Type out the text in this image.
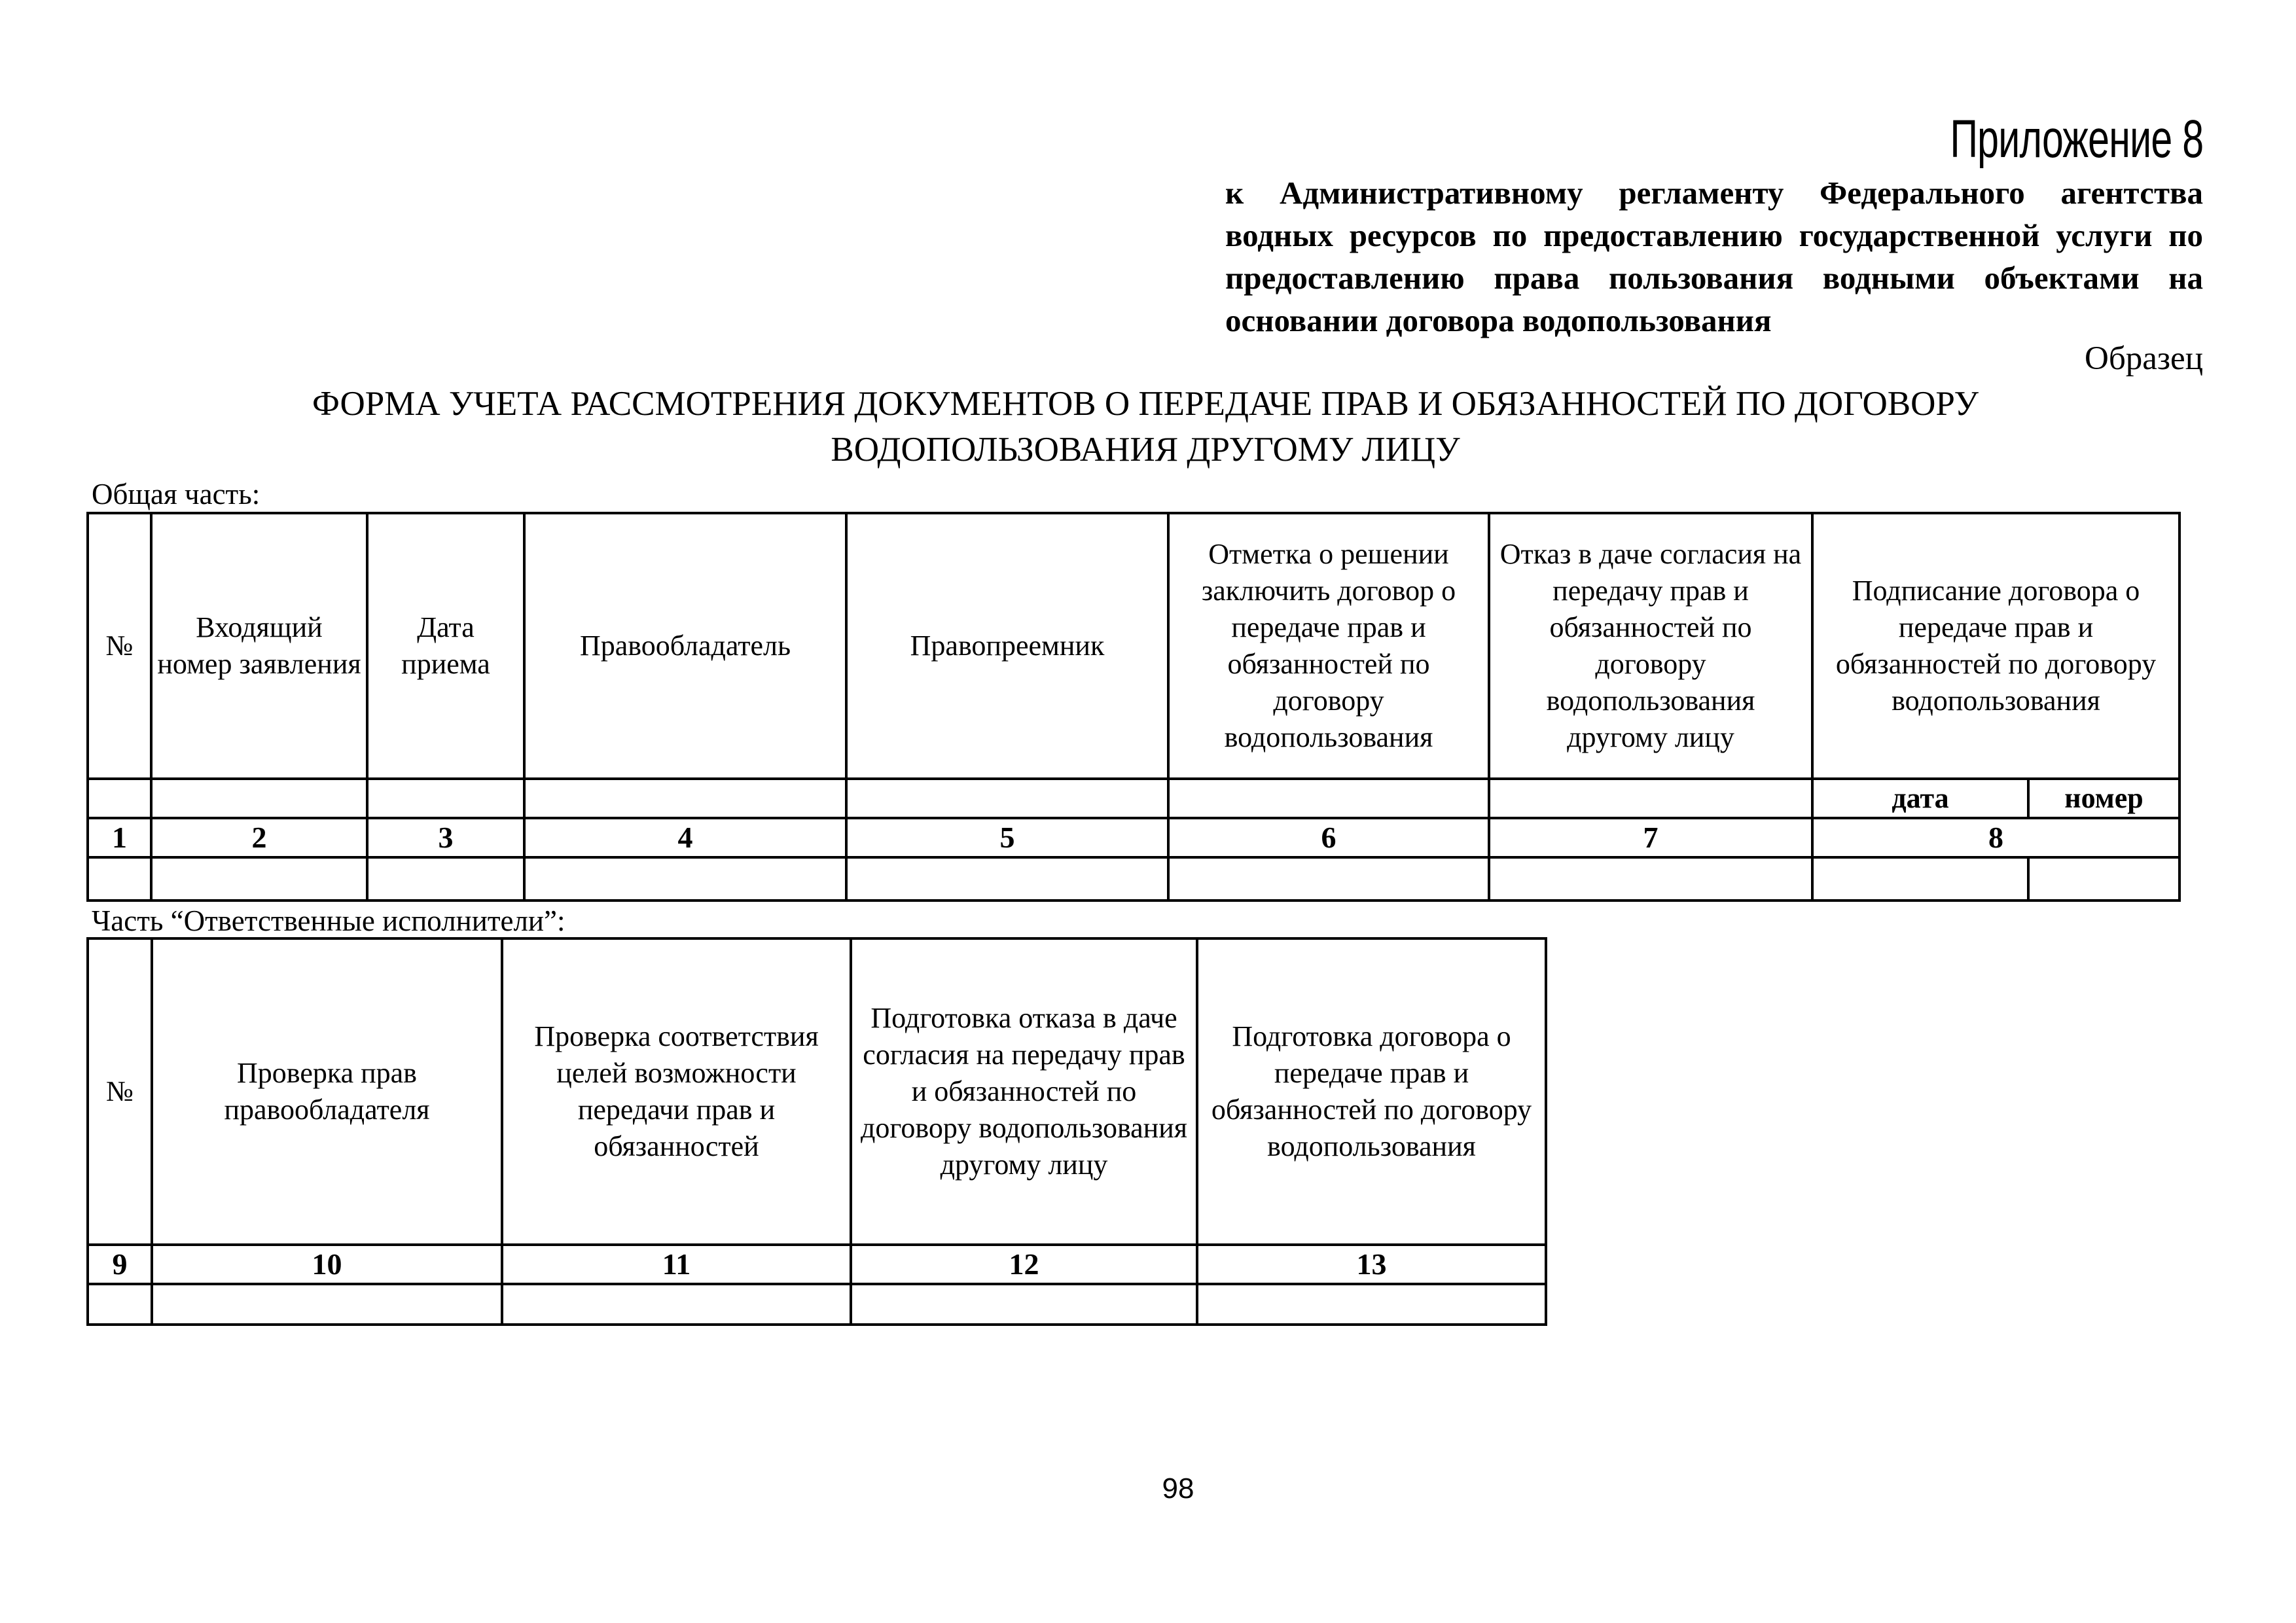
Приложение 8
к Административному регламенту Федерального агентства водных ресурсов по предоставлению государственной услуги по предоставлению права пользования водными объектами на основании договора водопользования
Образец
ФОРМА УЧЕТА РАССМОТРЕНИЯ ДОКУМЕНТОВ О ПЕРЕДАЧЕ ПРАВ И ОБЯЗАННОСТЕЙ ПО ДОГОВОРУ
ВОДОПОЛЬЗОВАНИЯ ДРУГОМУ ЛИЦУ
Общая часть:
№	Входящий номер заявления	Дата приема	Правообладатель	Правопреемник	Отметка о решении заключить договор о передаче прав и обязанностей по договору водопользования	Отказ в даче согласия на передачу прав и обязанностей по договору водопользования другому лицу	Подписание договора о передаче прав и обязанностей по договору водопользования	
							дата	номер
1	2	3	4	5	6	7	8	

Часть “Ответственные исполнители”:
№	Проверка прав правообладателя	Проверка соответствия целей возможности передачи прав и обязанностей	Подготовка отказа в даче согласия на передачу прав и обязанностей по договору водопользования другому лицу	Подготовка договора о передаче прав и обязанностей по договору водопользования
9	10	11	12	13

98
